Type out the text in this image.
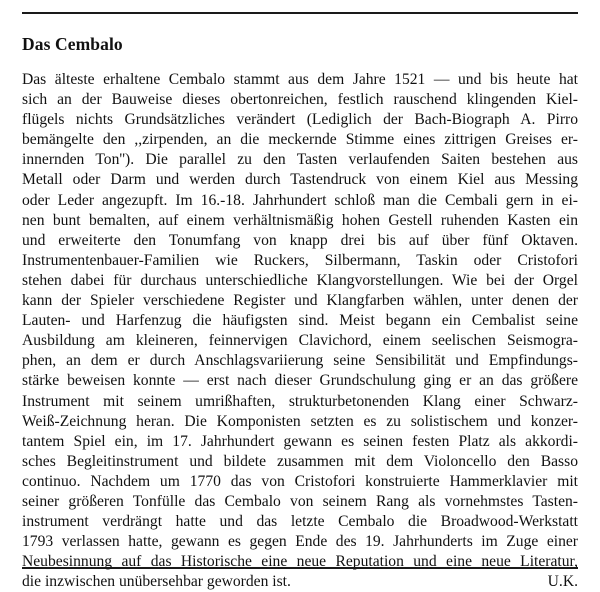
Das Cembalo
Das älteste erhaltene Cembalo stammt aus dem Jahre 1521 — und bis heute hat
sich an der Bauweise dieses obertonreichen, festlich rauschend klingenden Kiel-
flügels nichts Grundsätzliches verändert (Lediglich der Bach-Biograph A. Pirro
bemängelte den ,,zirpenden, an die meckernde Stimme eines zittrigen Greises er-
innernden Ton''). Die parallel zu den Tasten verlaufenden Saiten bestehen aus
Metall oder Darm und werden durch Tastendruck von einem Kiel aus Messing
oder Leder angezupft. Im 16.-18. Jahrhundert schloß man die Cembali gern in ei-
nen bunt bemalten, auf einem verhältnismäßig hohen Gestell ruhenden Kasten ein
und erweiterte den Tonumfang von knapp drei bis auf über fünf Oktaven.
Instrumentenbauer-Familien wie Ruckers, Silbermann, Taskin oder Cristofori
stehen dabei für durchaus unterschiedliche Klangvorstellungen. Wie bei der Orgel
kann der Spieler verschiedene Register und Klangfarben wählen, unter denen der
Lauten- und Harfenzug die häufigsten sind. Meist begann ein Cembalist seine
Ausbildung am kleineren, feinnervigen Clavichord, einem seelischen Seismogra-
phen, an dem er durch Anschlagsvariierung seine Sensibilität und Empfindungs-
stärke beweisen konnte — erst nach dieser Grundschulung ging er an das größere
Instrument mit seinem umrißhaften, strukturbetonenden Klang einer Schwarz-
Weiß-Zeichnung heran. Die Komponisten setzten es zu solistischem und konzer-
tantem Spiel ein, im 17. Jahrhundert gewann es seinen festen Platz als akkordi-
sches Begleitinstrument und bildete zusammen mit dem Violoncello den Basso
continuo. Nachdem um 1770 das von Cristofori konstruierte Hammerklavier mit
seiner größeren Tonfülle das Cembalo von seinem Rang als vornehmstes Tasten-
instrument verdrängt hatte und das letzte Cembalo die Broadwood-Werkstatt
1793 verlassen hatte, gewann es gegen Ende des 19. Jahrhunderts im Zuge einer
Neubesinnung auf das Historische eine neue Reputation und eine neue Literatur,
die inzwischen unübersehbar geworden ist.	U.K.
